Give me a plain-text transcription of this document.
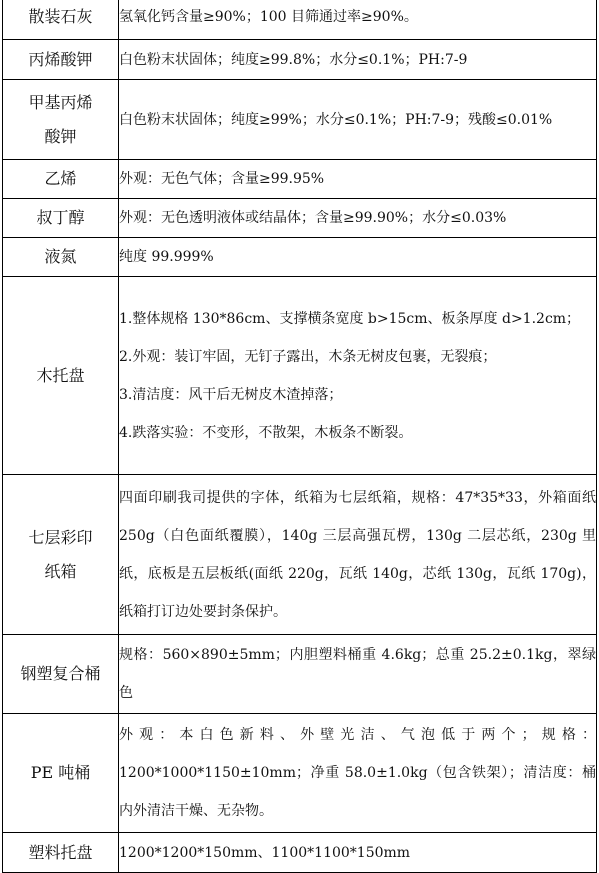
散装石灰	氢氧化钙含量≥90%；100 目筛通过率≥90%。

丙烯酸钾	白色粉末状固体；纯度≥99.8%；水分≤0.1%；PH:7-9

甲基丙烯酸钾	白色粉末状固体；纯度≥99%；水分≤0.1%；PH:7-9；残酸≤0.01%

乙烯	外观：无色气体；含量≥99.95%

叔丁醇	外观：无色透明液体或结晶体；含量≥99.90%；水分≤0.03%

液氮	纯度 99.999%

木托盘	1.整体规格 130*86cm、支撑横条宽度 b>15cm、板条厚度 d>1.2cm；
2.外观：装订牢固，无钉子露出，木条无树皮包裹，无裂痕；
3.清洁度：风干后无树皮木渣掉落；
4.跌落实验：不变形，不散架，木板条不断裂。

七层彩印纸箱	四面印刷我司提供的字体，纸箱为七层纸箱，规格：47*35*33，外箱面纸 250g（白色面纸覆膜），140g 三层高强瓦楞，130g 二层芯纸，230g 里纸，底板是五层板纸(面纸 220g，瓦纸 140g，芯纸 130g，瓦纸 170g)，纸箱打订边处要封条保护。

钢塑复合桶	规格：560×890±5mm；内胆塑料桶重 4.6kg；总重 25.2±0.1kg，翠绿色

PE 吨桶	外观：本白色新料、外壁光洁、气泡低于两个；规格：1200*1000*1150±10mm；净重 58.0±1.0kg（包含铁架）；清洁度：桶内外清洁干燥、无杂物。

塑料托盘	1200*1200*150mm、1100*1100*150mm
